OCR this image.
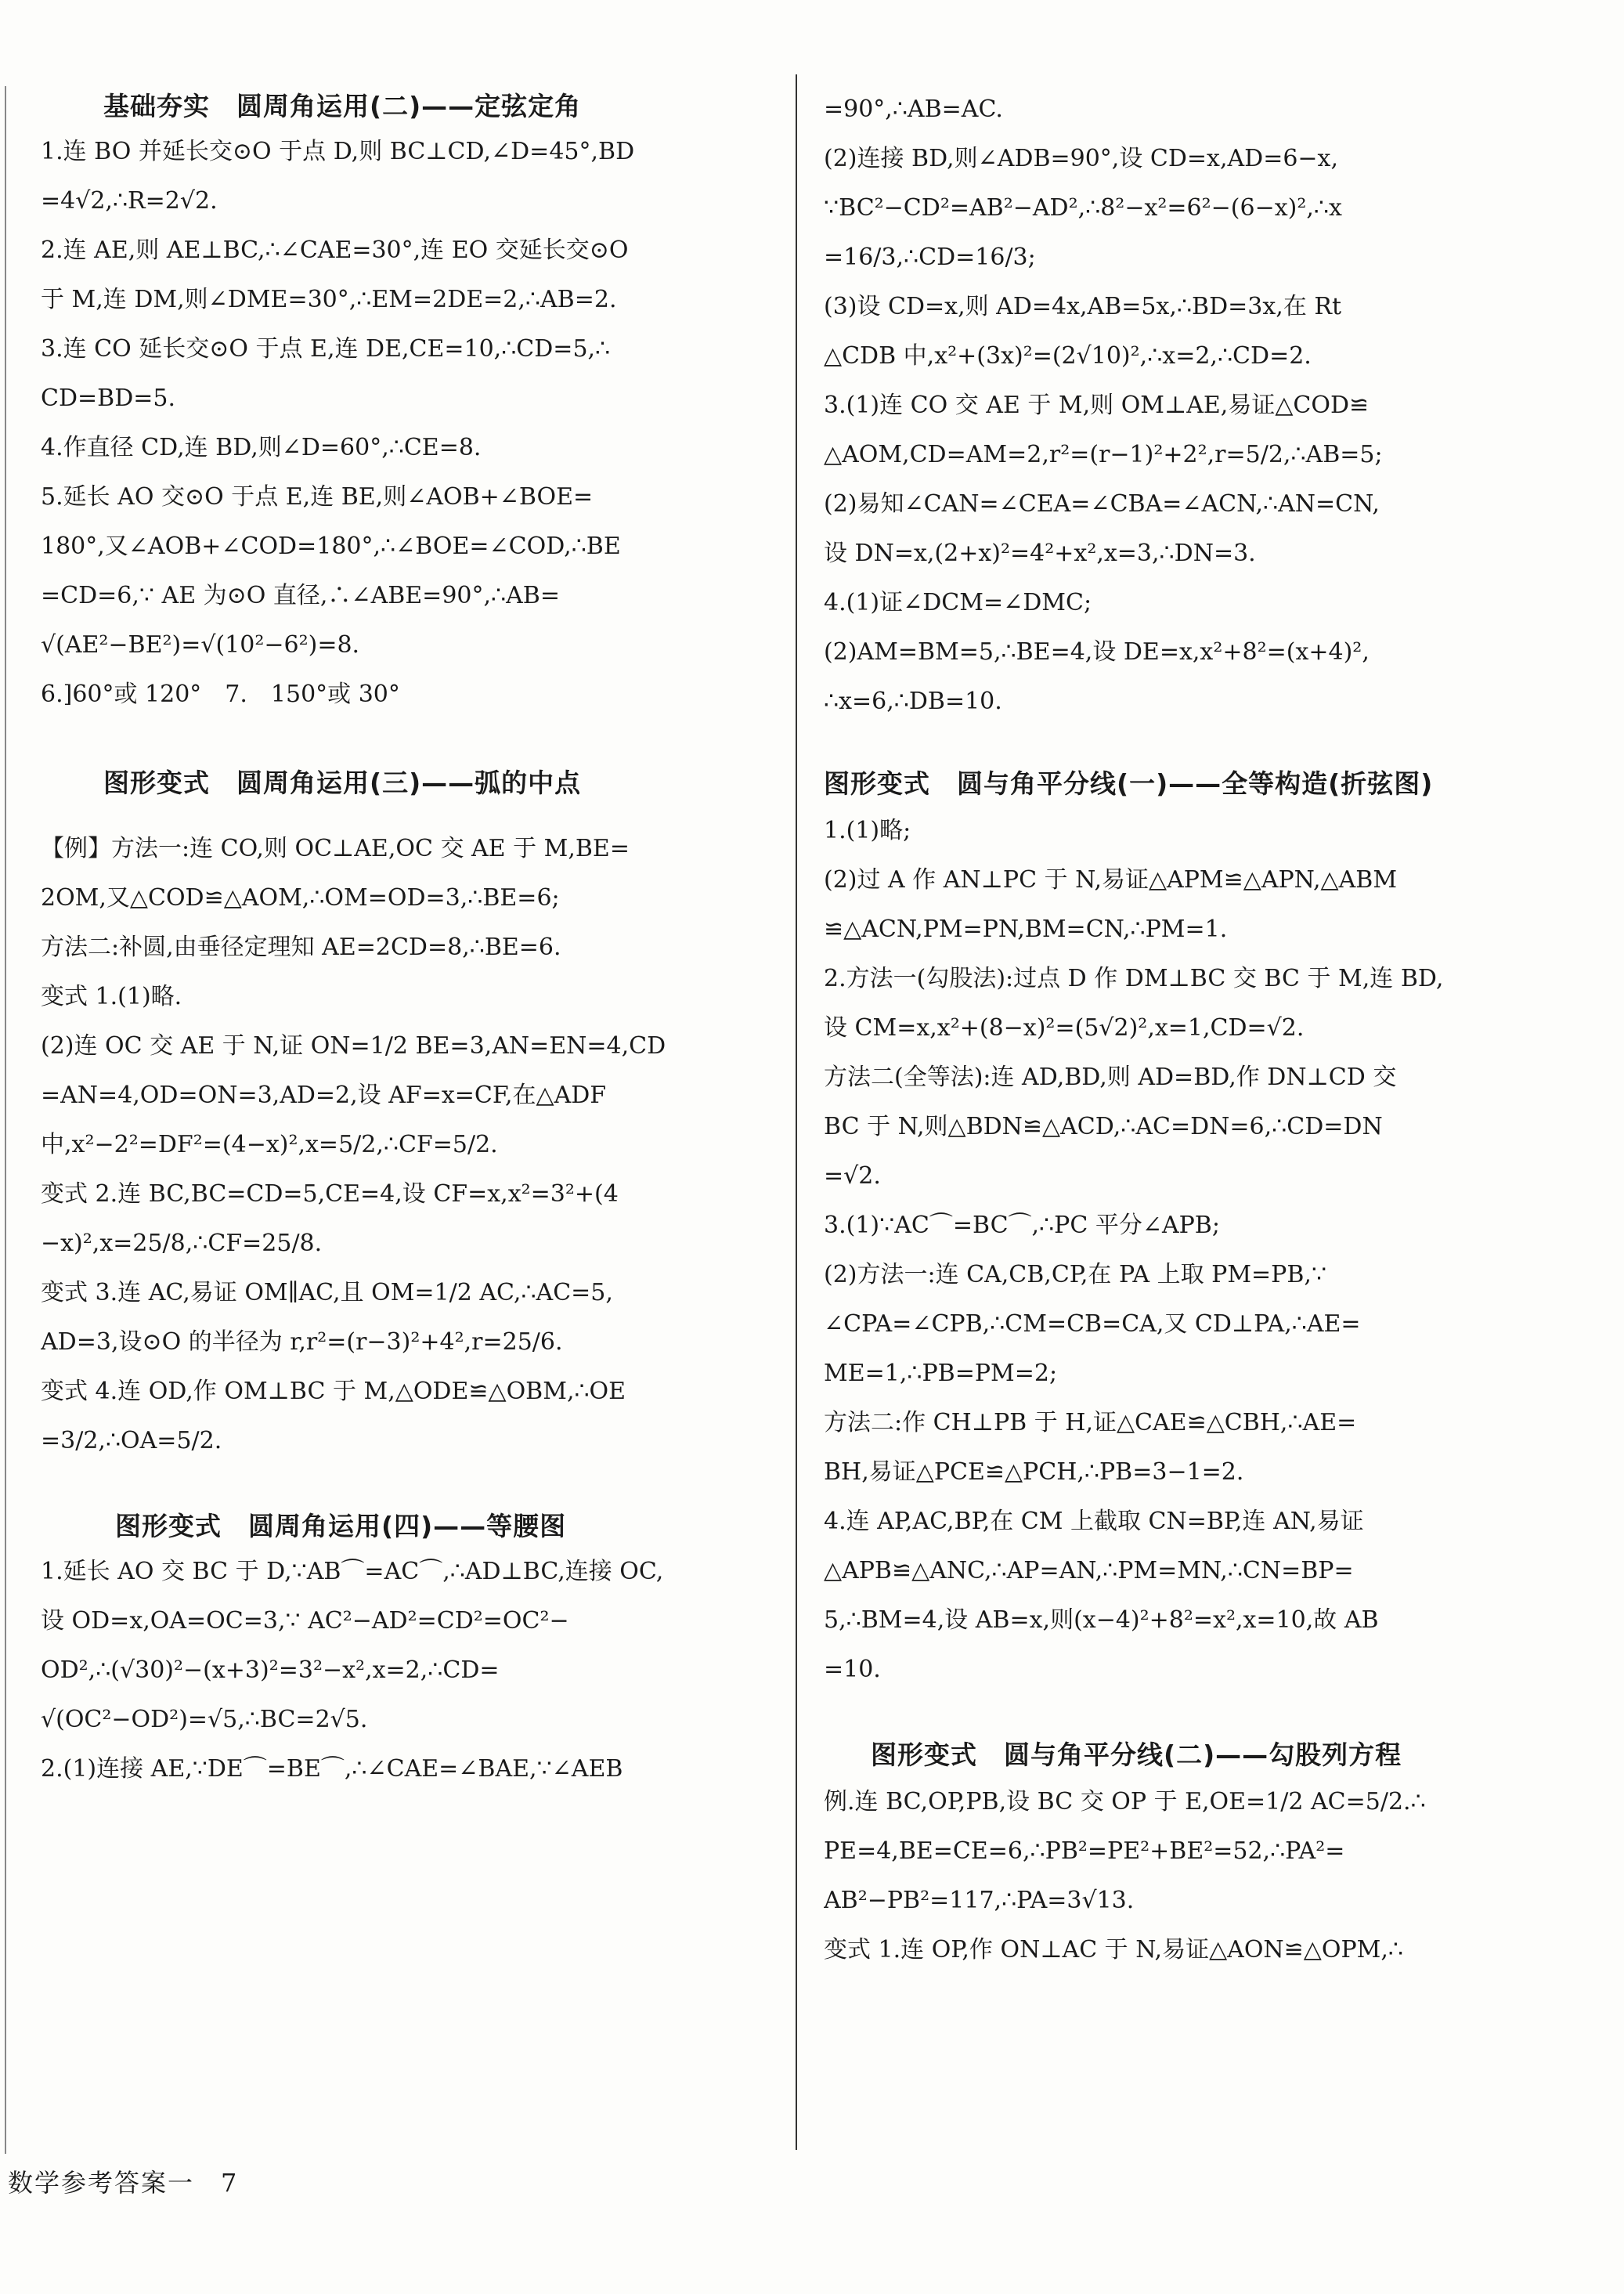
基础夯实　圆周角运用(二)——定弦定角
1.连 BO 并延长交⊙O 于点 D,则 BC⊥CD,∠D=45°,BD
=4√2,∴R=2√2.
2.连 AE,则 AE⊥BC,∴∠CAE=30°,连 EO 交延长交⊙O
于 M,连 DM,则∠DME=30°,∴EM=2DE=2,∴AB=2.
3.连 CO 延长交⊙O 于点 E,连 DE,CE=10,∴CD=5,∴
CD=BD=5.
4.作直径 CD,连 BD,则∠D=60°,∴CE=8.
5.延长 AO 交⊙O 于点 E,连 BE,则∠AOB+∠BOE=
180°,又∠AOB+∠COD=180°,∴∠BOE=∠COD,∴BE
=CD=6,∵ AE 为⊙O 直径,∴∠ABE=90°,∴AB=
√(AE²−BE²)=√(10²−6²)=8.
6.]60°或 120°　7.　150°或 30°
图形变式　圆周角运用(三)——弧的中点
【例】方法一:连 CO,则 OC⊥AE,OC 交 AE 于 M,BE=
2OM,又△COD≌△AOM,∴OM=OD=3,∴BE=6;
方法二:补圆,由垂径定理知 AE=2CD=8,∴BE=6.
变式 1.(1)略.
(2)连 OC 交 AE 于 N,证 ON=1/2 BE=3,AN=EN=4,CD
=AN=4,OD=ON=3,AD=2,设 AF=x=CF,在△ADF
中,x²−2²=DF²=(4−x)²,x=5/2,∴CF=5/2.
变式 2.连 BC,BC=CD=5,CE=4,设 CF=x,x²=3²+(4
−x)²,x=25/8,∴CF=25/8.
变式 3.连 AC,易证 OM∥AC,且 OM=1/2 AC,∴AC=5,
AD=3,设⊙O 的半径为 r,r²=(r−3)²+4²,r=25/6.
变式 4.连 OD,作 OM⊥BC 于 M,△ODE≌△OBM,∴OE
=3/2,∴OA=5/2.
图形变式　圆周角运用(四)——等腰图
1.延长 AO 交 BC 于 D,∵AB⌒=AC⌒,∴AD⊥BC,连接 OC,
设 OD=x,OA=OC=3,∵ AC²−AD²=CD²=OC²−
OD²,∴(√30)²−(x+3)²=3²−x²,x=2,∴CD=
√(OC²−OD²)=√5,∴BC=2√5.
2.(1)连接 AE,∵DE⌒=BE⌒,∴∠CAE=∠BAE,∵∠AEB
=90°,∴AB=AC.
(2)连接 BD,则∠ADB=90°,设 CD=x,AD=6−x,
∵BC²−CD²=AB²−AD²,∴8²−x²=6²−(6−x)²,∴x
=16/3,∴CD=16/3;
(3)设 CD=x,则 AD=4x,AB=5x,∴BD=3x,在 Rt
△CDB 中,x²+(3x)²=(2√10)²,∴x=2,∴CD=2.
3.(1)连 CO 交 AE 于 M,则 OM⊥AE,易证△COD≌
△AOM,CD=AM=2,r²=(r−1)²+2²,r=5/2,∴AB=5;
(2)易知∠CAN=∠CEA=∠CBA=∠ACN,∴AN=CN,
设 DN=x,(2+x)²=4²+x²,x=3,∴DN=3.
4.(1)证∠DCM=∠DMC;
(2)AM=BM=5,∴BE=4,设 DE=x,x²+8²=(x+4)²,
∴x=6,∴DB=10.
图形变式　圆与角平分线(一)——全等构造(折弦图)
1.(1)略;
(2)过 A 作 AN⊥PC 于 N,易证△APM≌△APN,△ABM
≌△ACN,PM=PN,BM=CN,∴PM=1.
2.方法一(勾股法):过点 D 作 DM⊥BC 交 BC 于 M,连 BD,
设 CM=x,x²+(8−x)²=(5√2)²,x=1,CD=√2.
方法二(全等法):连 AD,BD,则 AD=BD,作 DN⊥CD 交
BC 于 N,则△BDN≌△ACD,∴AC=DN=6,∴CD=DN
=√2.
3.(1)∵AC⌒=BC⌒,∴PC 平分∠APB;
(2)方法一:连 CA,CB,CP,在 PA 上取 PM=PB,∵
∠CPA=∠CPB,∴CM=CB=CA,又 CD⊥PA,∴AE=
ME=1,∴PB=PM=2;
方法二:作 CH⊥PB 于 H,证△CAE≌△CBH,∴AE=
BH,易证△PCE≌△PCH,∴PB=3−1=2.
4.连 AP,AC,BP,在 CM 上截取 CN=BP,连 AN,易证
△APB≌△ANC,∴AP=AN,∴PM=MN,∴CN=BP=
5,∴BM=4,设 AB=x,则(x−4)²+8²=x²,x=10,故 AB
=10.
图形变式　圆与角平分线(二)——勾股列方程
例.连 BC,OP,PB,设 BC 交 OP 于 E,OE=1/2 AC=5/2.∴
PE=4,BE=CE=6,∴PB²=PE²+BE²=52,∴PA²=
AB²−PB²=117,∴PA=3√13.
变式 1.连 OP,作 ON⊥AC 于 N,易证△AON≌△OPM,∴
数学参考答案一　7
